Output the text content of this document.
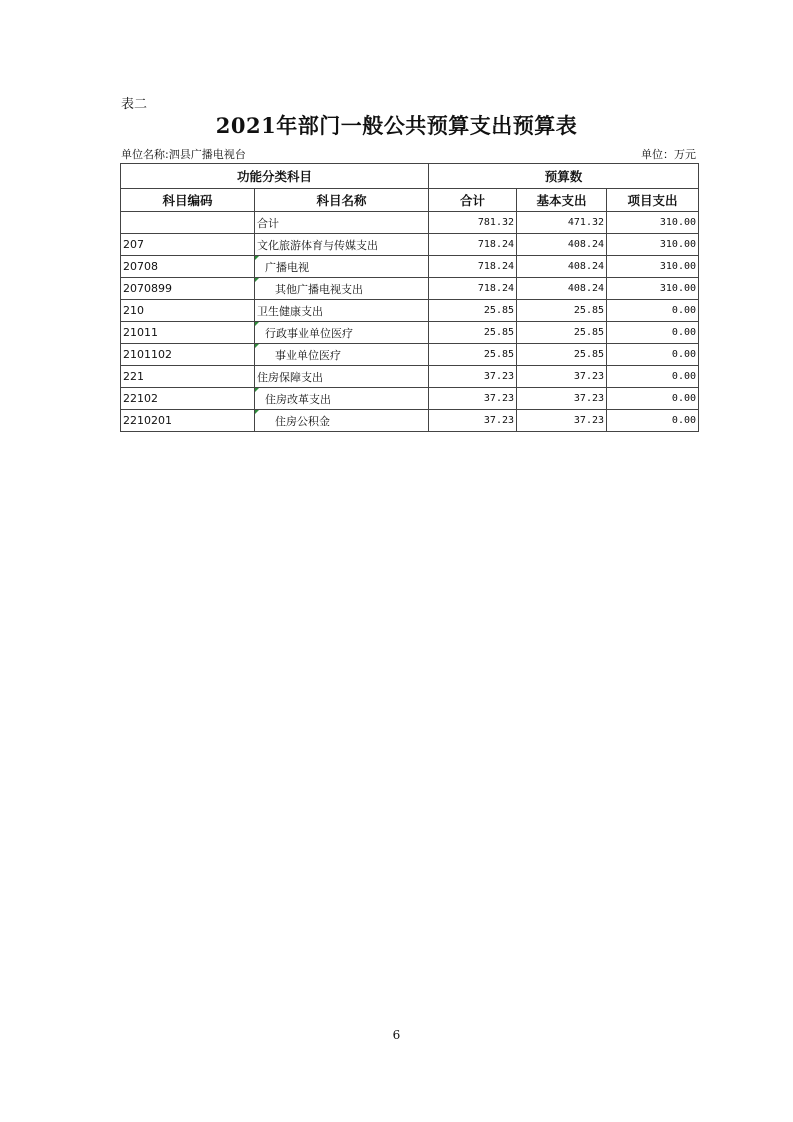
表二
2021年部门一般公共预算支出预算表
单位名称:泗县广播电视台	单位：万元
功能分类科目		预算数		
科目编码	科目名称	合计	基本支出	项目支出
	合计	781.32	471.32	310.00
207	文化旅游体育与传媒支出	718.24	408.24	310.00
20708	广播电视	718.24	408.24	310.00
2070899	其他广播电视支出	718.24	408.24	310.00
210	卫生健康支出	25.85	25.85	0.00
21011	行政事业单位医疗	25.85	25.85	0.00
2101102	事业单位医疗	25.85	25.85	0.00
221	住房保障支出	37.23	37.23	0.00
22102	住房改革支出	37.23	37.23	0.00
2210201	住房公积金	37.23	37.23	0.00
6
